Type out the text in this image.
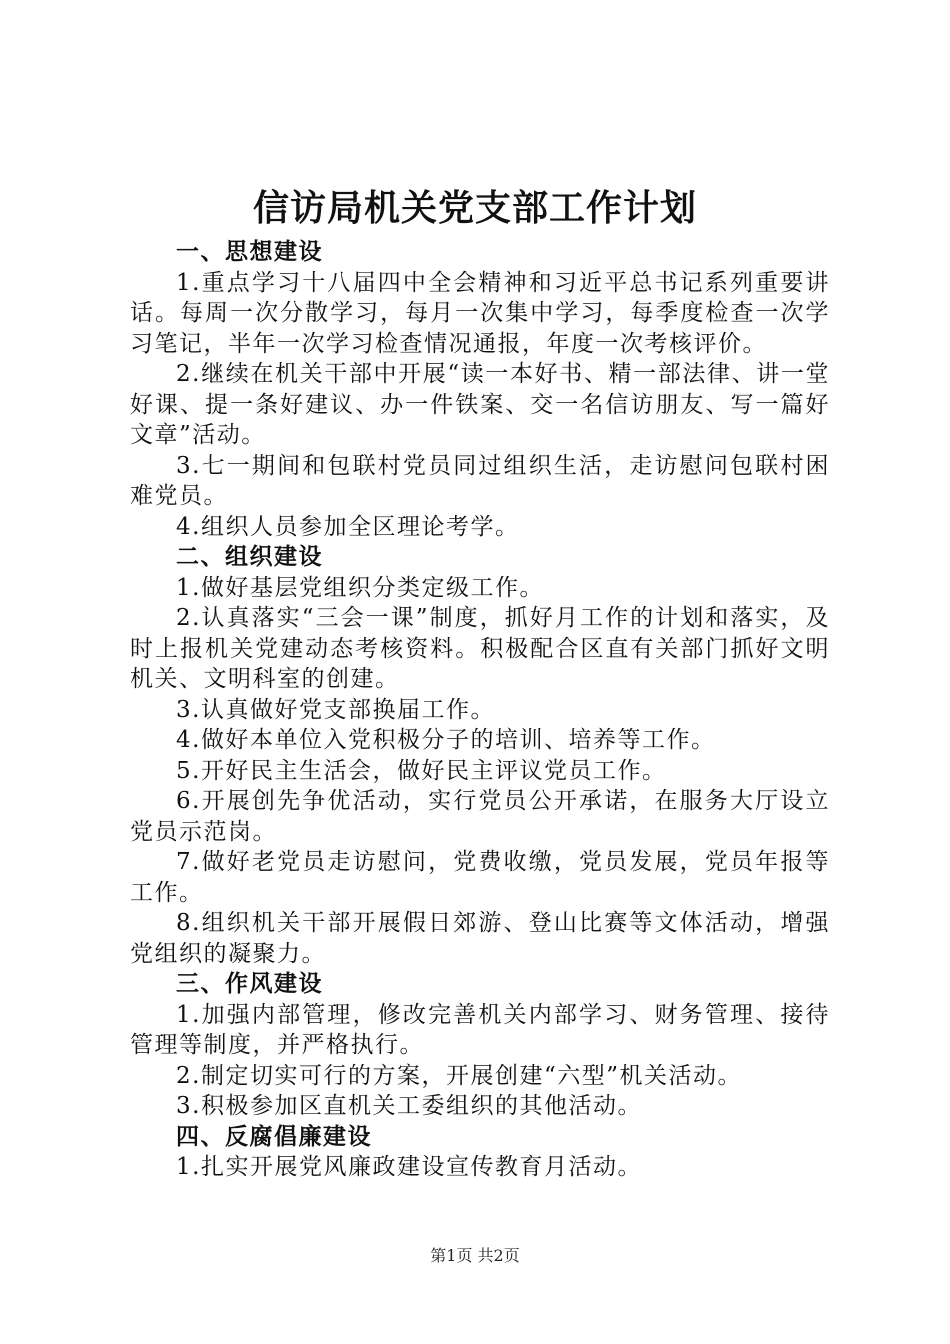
信访局机关党支部工作计划
一、思想建设

1.重点学习十八届四中全会精神和习近平总书记系列重要讲话。每周一次分散学习，每月一次集中学习，每季度检查一次学习笔记，半年一次学习检查情况通报，年度一次考核评价。

2.继续在机关干部中开展“读一本好书、精一部法律、讲一堂好课、提一条好建议、办一件铁案、交一名信访朋友、写一篇好文章”活动。

3.七一期间和包联村党员同过组织生活，走访慰问包联村困难党员。

4.组织人员参加全区理论考学。

二、组织建设

1.做好基层党组织分类定级工作。

2.认真落实“三会一课”制度，抓好月工作的计划和落实，及时上报机关党建动态考核资料。积极配合区直有关部门抓好文明机关、文明科室的创建。

3.认真做好党支部换届工作。

4.做好本单位入党积极分子的培训、培养等工作。

5.开好民主生活会，做好民主评议党员工作。

6.开展创先争优活动，实行党员公开承诺，在服务大厅设立党员示范岗。

7.做好老党员走访慰问，党费收缴，党员发展，党员年报等工作。

8.组织机关干部开展假日郊游、登山比赛等文体活动，增强党组织的凝聚力。

三、作风建设

1.加强内部管理，修改完善机关内部学习、财务管理、接待管理等制度，并严格执行。

2.制定切实可行的方案，开展创建“六型”机关活动。

3.积极参加区直机关工委组织的其他活动。

四、反腐倡廉建设

1.扎实开展党风廉政建设宣传教育月活动。

第1页 共2页
